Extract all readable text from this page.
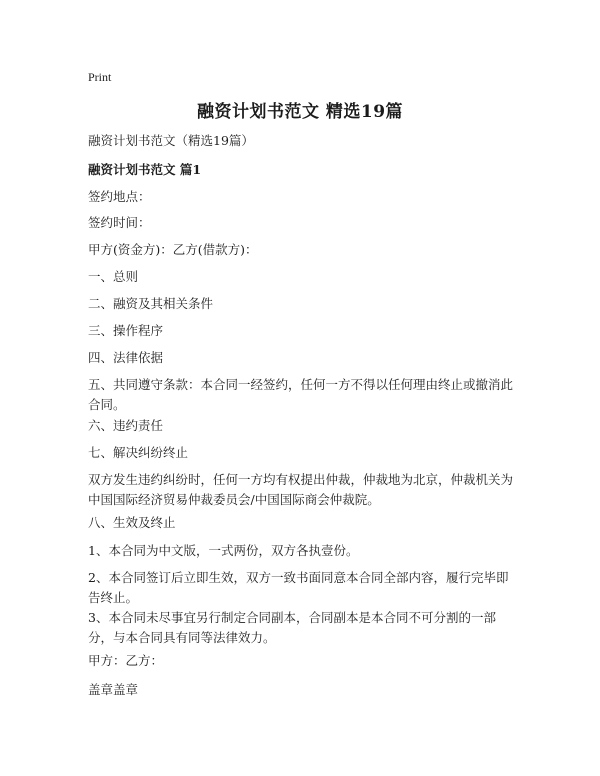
Print
融资计划书范文 精选19篇

融资计划书范文（精选19篇）

融资计划书范文 篇1

签约地点：

签约时间：

甲方(资金方)：乙方(借款方)：

一、总则

二、融资及其相关条件

三、操作程序

四、法律依据

五、共同遵守条款：本合同一经签约，任何一方不得以任何理由终止或撤消此合同。

六、违约责任

七、解决纠纷终止

双方发生违约纠纷时，任何一方均有权提出仲裁，仲裁地为北京，仲裁机关为中国国际经济贸易仲裁委员会/中国国际商会仲裁院。

八、生效及终止

1、本合同为中文版，一式两份，双方各执壹份。

2、本合同签订后立即生效，双方一致书面同意本合同全部内容，履行完毕即告终止。

3、本合同未尽事宜另行制定合同副本，合同副本是本合同不可分割的一部分，与本合同具有同等法律效力。

甲方：乙方：

盖章盖章
